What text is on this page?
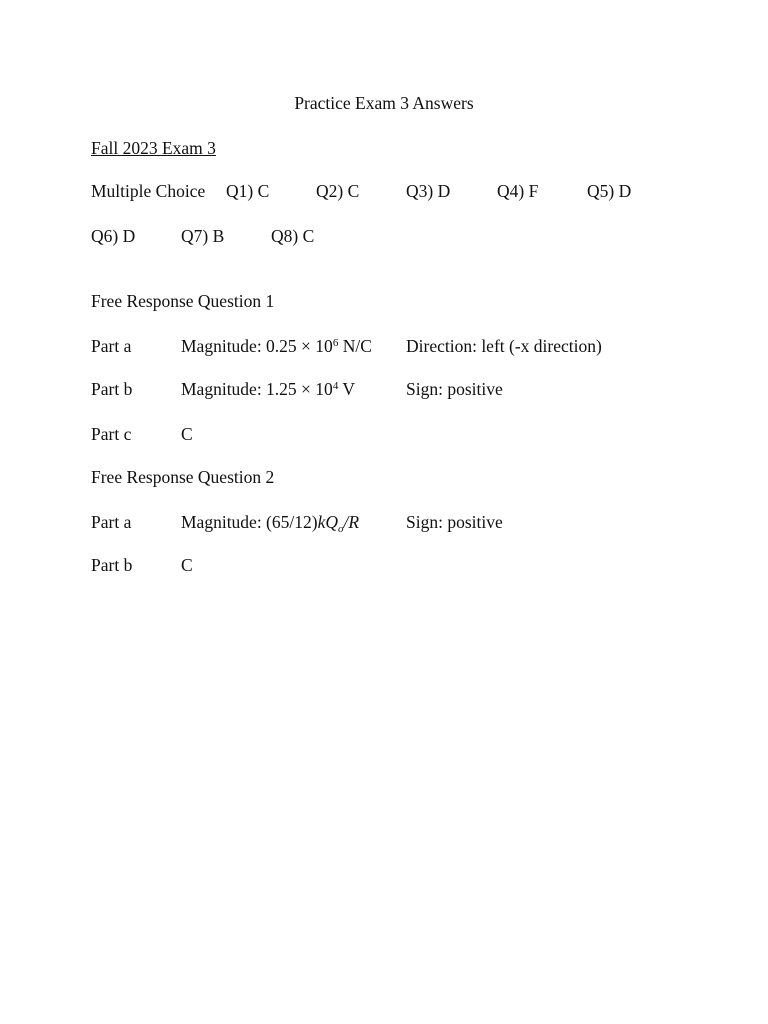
Practice Exam 3 Answers
Fall 2023 Exam 3
Multiple Choice Q1) C	Q2) C	Q3) D	Q4) F	Q5) D
Q6) D	Q7) B	Q8) C
Free Response Question 1
Part a	Magnitude: $0.25 \times 10^6$ N/C Direction: left (-x direction)
Part b	Magnitude: $1.25 \times 10^4$ V	Sign: positive
Part c	C
Free Response Question 2
Part a	Magnitude: $(65/12)kQ_o/R$	Sign: positive
Part b	C
